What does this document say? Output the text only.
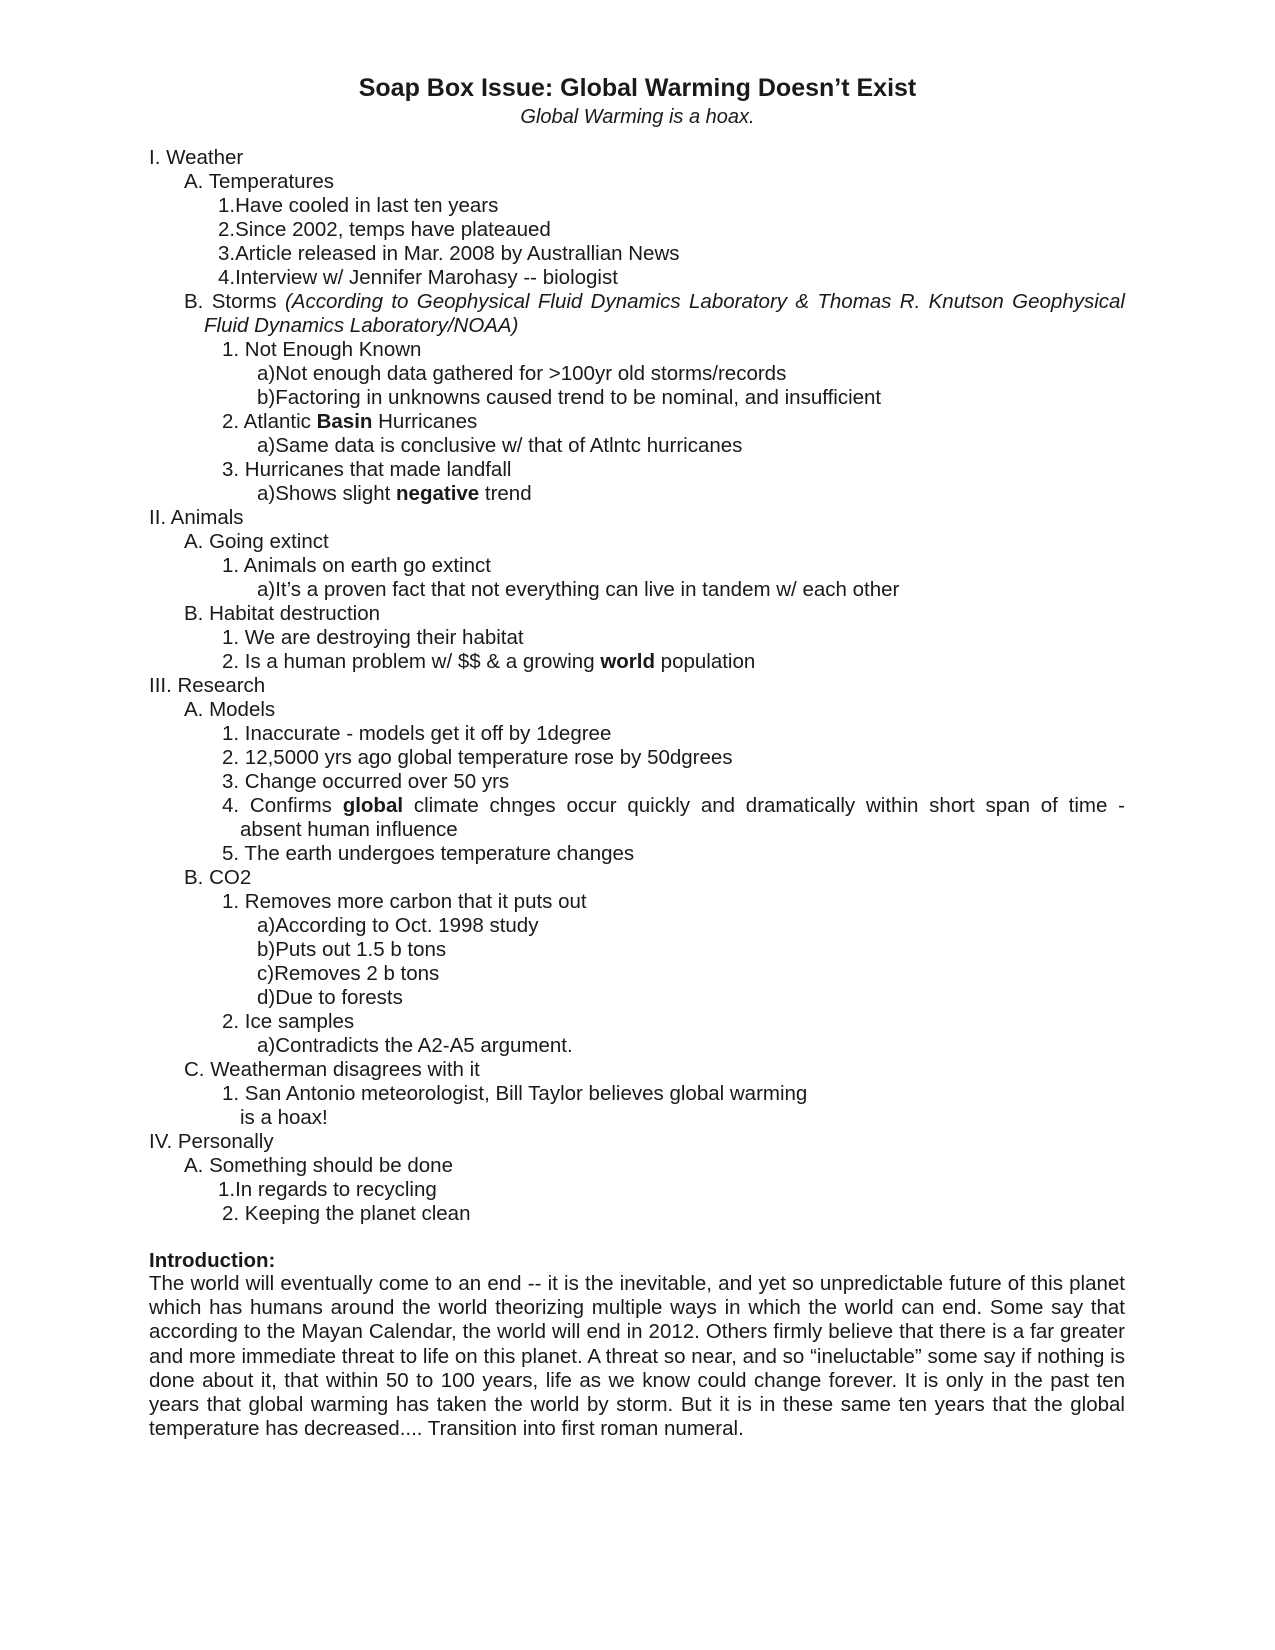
Soap Box Issue: Global Warming Doesn’t Exist
Global Warming is a hoax.
I. Weather
A. Temperatures
1.Have cooled in last ten years
2.Since 2002, temps have plateaued
3.Article released in Mar. 2008 by Australlian News
4.Interview w/ Jennifer Marohasy -- biologist
B. Storms (According to Geophysical Fluid Dynamics Laboratory & Thomas R. Knutson Geophysical
Fluid Dynamics Laboratory/NOAA)
1. Not Enough Known
a)Not enough data gathered for >100yr old storms/records
b)Factoring in unknowns caused trend to be nominal, and insufficient
2. Atlantic Basin Hurricanes
a)Same data is conclusive w/ that of Atlntc hurricanes
3. Hurricanes that made landfall
a)Shows slight negative trend
II. Animals
A. Going extinct
1. Animals on earth go extinct
a)It’s a proven fact that not everything can live in tandem w/ each other
B. Habitat destruction
1. We are destroying their habitat
2. Is a human problem w/ $$ & a growing world population
III. Research
A. Models
1. Inaccurate - models get it off by 1degree
2. 12,5000 yrs ago global temperature rose by 50dgrees
3. Change occurred over 50 yrs
4. Confirms global climate chnges occur quickly and dramatically within short span of time -
absent human influence
5. The earth undergoes temperature changes
B. CO2
1. Removes more carbon that it puts out
a)According to Oct. 1998 study
b)Puts out 1.5 b tons
c)Removes 2 b tons
d)Due to forests
2. Ice samples
a)Contradicts the A2-A5 argument.
C. Weatherman disagrees with it
1. San Antonio meteorologist, Bill Taylor believes global warming
is a hoax!
IV. Personally
A. Something should be done
1.In regards to recycling
2. Keeping the planet clean
Introduction:
The world will eventually come to an end -- it is the inevitable, and yet so unpredictable future of this planet which has humans around the world theorizing multiple ways in which the world can end. Some say that according to the Mayan Calendar, the world will end in 2012. Others firmly believe that there is a far greater and more immediate threat to life on this planet. A threat so near, and so “ineluctable” some say if nothing is done about it, that within 50 to 100 years, life as we know could change forever. It is only in the past ten years that global warming has taken the world by storm. But it is in these same ten years that the global temperature has decreased.... Transition into first roman numeral.
